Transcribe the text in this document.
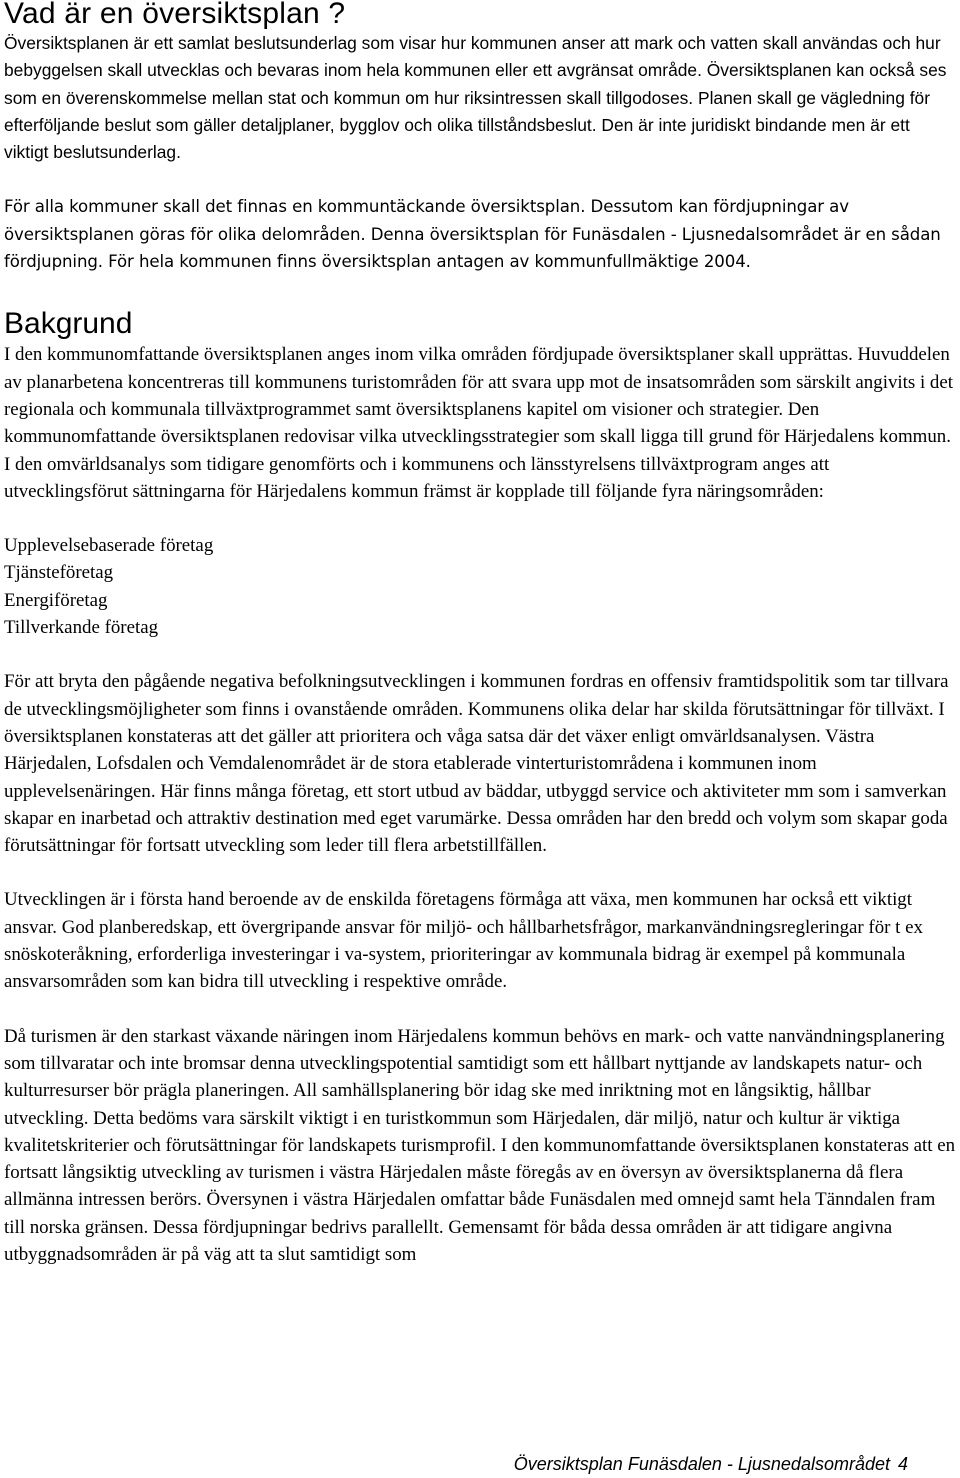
Vad är en översiktsplan ?

Översiktsplanen är ett samlat beslutsunderlag som visar hur kommunen anser att mark och vatten skall användas och hur bebyggelsen skall utvecklas och bevaras inom hela kommunen eller ett avgränsat område. Översiktsplanen kan också ses som en överenskommelse mellan stat och kommun om hur riksintressen skall tillgodoses. Planen skall ge vägledning för efterföljande beslut som gäller detaljplaner, bygglov och olika tillståndsbeslut. Den är inte juridiskt bindande men är ett viktigt beslutsunderlag.

För alla kommuner skall det finnas en kommuntäckande översiktsplan. Dessutom kan fördjupningar av översiktsplanen göras för olika delområden. Denna översiktsplan för Funäsdalen - Ljusnedalsområdet är en sådan fördjupning. För hela kommunen finns översiktsplan antagen av kommunfullmäktige 2004.

Bakgrund

I den kommunomfattande översiktsplanen anges inom vilka områden fördjupade översiktsplaner skall upprättas. Huvuddelen av planarbetena koncentreras till kommunens turistområden för att svara upp mot de insatsområden som särskilt angivits i det regionala och kommunala tillväxtprogrammet samt översiktsplanens kapitel om visioner och strategier. Den kommunomfattande översiktsplanen redovisar vilka utvecklingsstrategier som skall ligga till grund för Härjedalens kommun. I den omvärldsanalys som tidigare genomförts och i kommunens och länsstyrelsens tillväxtprogram anges att utvecklingsförut sättningarna för Härjedalens kommun främst är kopplade till följande fyra näringsområden:

Upplevelsebaserade företag
Tjänsteföretag
Energiföretag
Tillverkande företag

För att bryta den pågående negativa befolkningsutvecklingen i kommunen fordras en offensiv framtidspolitik som tar tillvara de utvecklingsmöjligheter som finns i ovanstående områden. Kommunens olika delar har skilda förutsättningar för tillväxt. I översiktsplanen konstateras att det gäller att prioritera och våga satsa där det växer enligt omvärldsanalysen. Västra Härjedalen, Lofsdalen och Vemdalenområdet är de stora etablerade vinterturistområdena i kommunen inom upplevelsenäringen. Här finns många företag, ett stort utbud av bäddar, utbyggd service och aktiviteter mm som i samverkan skapar en inarbetad och attraktiv destination med eget varumärke. Dessa områden har den bredd och volym som skapar goda förutsättningar för fortsatt utveckling som leder till flera arbetstillfällen.

Utvecklingen är i första hand beroende av de enskilda företagens förmåga att växa, men kommunen har också ett viktigt ansvar. God planberedskap, ett övergripande ansvar för miljö- och hållbarhetsfrågor, markanvändningsregleringar för t ex snöskoteråkning, erforderliga investeringar i va-system, prioriteringar av kommunala bidrag är exempel på kommunala ansvarsområden som kan bidra till utveckling i respektive område.

Då turismen är den starkast växande näringen inom Härjedalens kommun behövs en mark- och vatte nanvändningsplanering som tillvaratar och inte bromsar denna utvecklingspotential samtidigt som ett hållbart nyttjande av landskapets natur- och kulturresurser bör prägla planeringen. All samhällsplanering bör idag ske med inriktning mot en långsiktig, hållbar utveckling. Detta bedöms vara särskilt viktigt i en turistkommun som Härjedalen, där miljö, natur och kultur är viktiga kvalitetskriterier och förutsättningar för landskapets turismprofil. I den kommunomfattande översiktsplanen konstateras att en fortsatt långsiktig utveckling av turismen i västra Härjedalen måste föregås av en översyn av översiktsplanerna då flera allmänna intressen berörs. Översynen i västra Härjedalen omfattar både Funäsdalen med omnejd samt hela Tänndalen fram till norska gränsen. Dessa fördjupningar bedrivs parallellt. Gemensamt för båda dessa områden är att tidigare angivna utbyggnadsområden är på väg att ta slut samtidigt som

Översiktsplan Funäsdalen - Ljusnedalsområdet 4
